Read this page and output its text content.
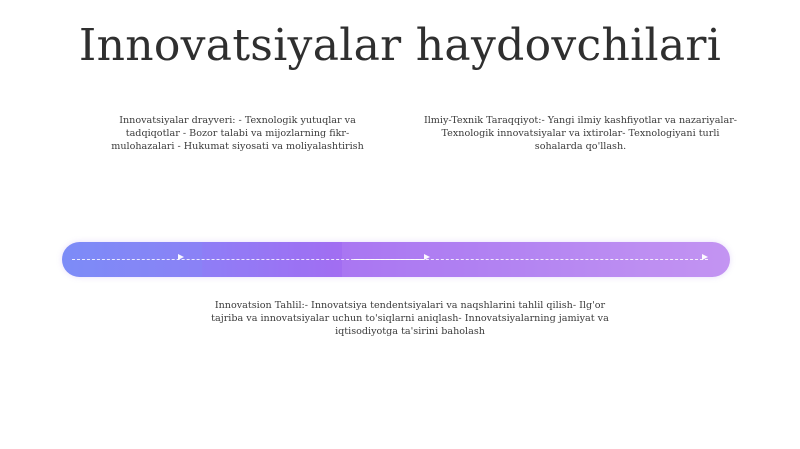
Innovatsiyalar haydovchilari
Innovatsiyalar drayveri: - Texnologik yutuqlar va tadqiqotlar - Bozor talabi va mijozlarning fikr-mulohazalari - Hukumat siyosati va moliyalashtirish
Ilmiy-Texnik Taraqqiyot:- Yangi ilmiy kashfiyotlar va nazariyalar- Texnologik innovatsiyalar va ixtirolar- Texnologiyani turli sohalarda qo'llash.
Innovatsion Tahlil:- Innovatsiya tendentsiyalari va naqshlarini tahlil qilish- Ilg'or tajriba va innovatsiyalar uchun to'siqlarni aniqlash- Innovatsiyalarning jamiyat va iqtisodiyotga ta'sirini baholash
